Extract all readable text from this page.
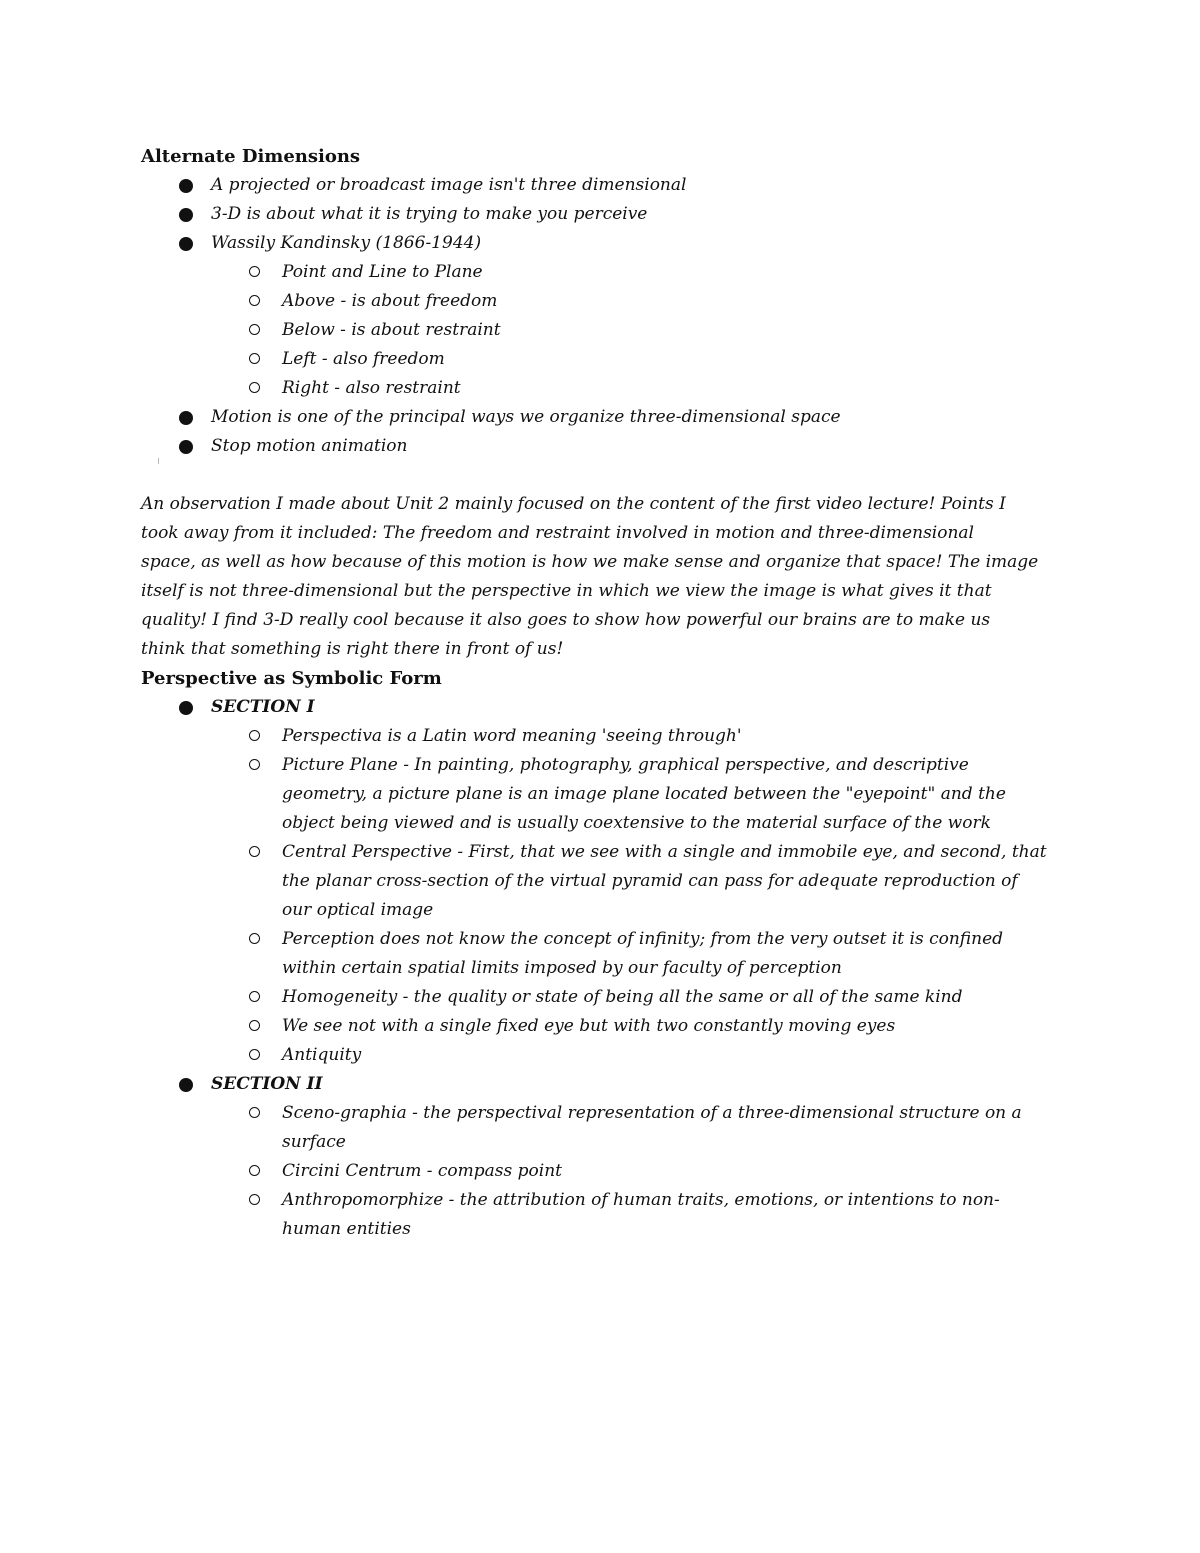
Alternate Dimensions
A projected or broadcast image isn't three dimensional
3-D is about what it is trying to make you perceive
Wassily Kandinsky (1866-1944)
Point and Line to Plane
Above - is about freedom
Below - is about restraint
Left - also freedom
Right - also restraint
Motion is one of the principal ways we organize three-dimensional space
Stop motion animation
An observation I made about Unit 2 mainly focused on the content of the first video lecture! Points I
took away from it included: The freedom and restraint involved in motion and three-dimensional
space, as well as how because of this motion is how we make sense and organize that space! The image
itself is not three-dimensional but the perspective in which we view the image is what gives it that
quality! I find 3-D really cool because it also goes to show how powerful our brains are to make us
think that something is right there in front of us!
Perspective as Symbolic Form
SECTION I
Perspectiva is a Latin word meaning 'seeing through'
Picture Plane - In painting, photography, graphical perspective, and descriptive
geometry, a picture plane is an image plane located between the "eyepoint" and the
object being viewed and is usually coextensive to the material surface of the work
Central Perspective - First, that we see with a single and immobile eye, and second, that
the planar cross-section of the virtual pyramid can pass for adequate reproduction of
our optical image
Perception does not know the concept of infinity; from the very outset it is confined
within certain spatial limits imposed by our faculty of perception
Homogeneity - the quality or state of being all the same or all of the same kind
We see not with a single fixed eye but with two constantly moving eyes
Antiquity
SECTION II
Sceno-graphia - the perspectival representation of a three-dimensional structure on a
surface
Circini Centrum - compass point
Anthropomorphize - the attribution of human traits, emotions, or intentions to non-
human entities
